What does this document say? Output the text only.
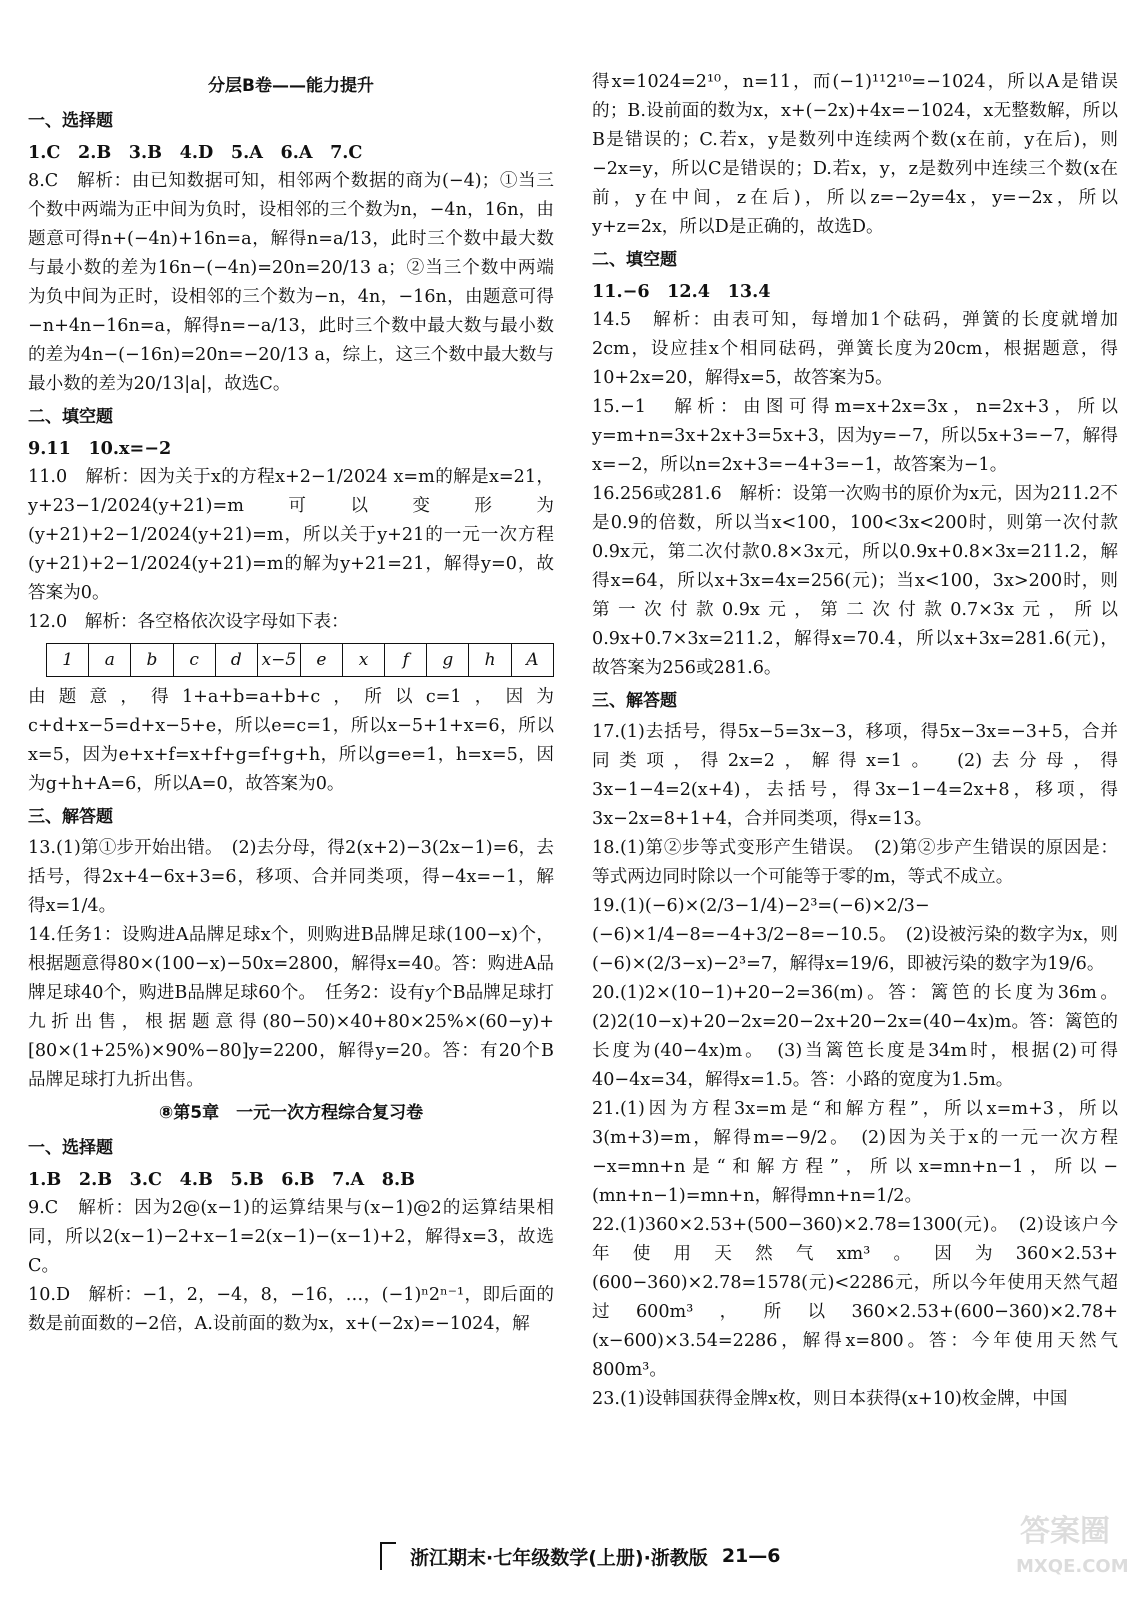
分层B卷——能力提升
一、选择题

1.C　2.B　3.B　4.D　5.A　6.A　7.C

8.C　解析：由已知数据可知，相邻两个数据的商为(−4)；①当三个数中两端为正中间为负时，设相邻的三个数为n，−4n，16n，由题意可得n+(−4n)+16n=a，解得n=a/13，此时三个数中最大数与最小数的差为16n−(−4n)=20n=20/13 a；②当三个数中两端为负中间为正时，设相邻的三个数为−n，4n，−16n，由题意可得−n+4n−16n=a，解得n=−a/13，此时三个数中最大数与最小数的差为4n−(−16n)=20n=−20/13 a，综上，这三个数中最大数与最小数的差为20/13|a|，故选C。

二、填空题

9.11　10.x=−2

11.0　解析：因为关于x的方程x+2−1/2024 x=m的解是x=21，y+23−1/2024(y+21)=m可以变形为(y+21)+2−1/2024(y+21)=m，所以关于y+21的一元一次方程(y+21)+2−1/2024(y+21)=m的解为y+21=21，解得y=0，故答案为0。

12.0　解析：各空格依次设字母如下表：

1	a	b	c	d	x−5	e	x	f	g	h	A

由题意，得1+a+b=a+b+c，所以c=1，因为c+d+x−5=d+x−5+e，所以e=c=1，所以x−5+1+x=6，所以x=5，因为e+x+f=x+f+g=f+g+h，所以g=e=1，h=x=5，因为g+h+A=6，所以A=0，故答案为0。

三、解答题

13.(1)第①步开始出错。　(2)去分母，得2(x+2)−3(2x−1)=6，去括号，得2x+4−6x+3=6，移项、合并同类项，得−4x=−1，解得x=1/4。

14.任务1：设购进A品牌足球x个，则购进B品牌足球(100−x)个，根据题意得80×(100−x)−50x=2800，解得x=40。答：购进A品牌足球40个，购进B品牌足球60个。　任务2：设有y个B品牌足球打九折出售，根据题意得(80−50)×40+80×25%×(60−y)+[80×(1+25%)×90%−80]y=2200，解得y=20。答：有20个B品牌足球打九折出售。

⑧第5章　一元一次方程综合复习卷
一、选择题

1.B　2.B　3.C　4.B　5.B　6.B　7.A　8.B

9.C　解析：因为2@(x−1)的运算结果与(x−1)@2的运算结果相同，所以2(x−1)−2+x−1=2(x−1)−(x−1)+2，解得x=3，故选C。

10.D　解析：−1，2，−4，8，−16，…，(−1)ⁿ2ⁿ⁻¹，即后面的数是前面数的−2倍，A.设前面的数为x，x+(−2x)=−1024，解

得x=1024=2¹⁰，n=11，而(−1)¹¹2¹⁰=−1024，所以A是错误的；B.设前面的数为x，x+(−2x)+4x=−1024，x无整数解，所以B是错误的；C.若x，y是数列中连续两个数(x在前，y在后)，则−2x=y，所以C是错误的；D.若x，y，z是数列中连续三个数(x在前，y在中间，z在后)，所以z=−2y=4x，y=−2x，所以y+z=2x，所以D是正确的，故选D。

二、填空题

11.−6　12.4　13.4

14.5　解析：由表可知，每增加1个砝码，弹簧的长度就增加2cm，设应挂x个相同砝码，弹簧长度为20cm，根据题意，得10+2x=20，解得x=5，故答案为5。

15.−1　解析：由图可得m=x+2x=3x，n=2x+3，所以y=m+n=3x+2x+3=5x+3，因为y=−7，所以5x+3=−7，解得x=−2，所以n=2x+3=−4+3=−1，故答案为−1。

16.256或281.6　解析：设第一次购书的原价为x元，因为211.2不是0.9的倍数，所以当x<100，100<3x<200时，则第一次付款0.9x元，第二次付款0.8×3x元，所以0.9x+0.8×3x=211.2，解得x=64，所以x+3x=4x=256(元)；当x<100，3x>200时，则第一次付款0.9x元，第二次付款0.7×3x元，所以0.9x+0.7×3x=211.2，解得x=70.4，所以x+3x=281.6(元)，故答案为256或281.6。

三、解答题

17.(1)去括号，得5x−5=3x−3，移项，得5x−3x=−3+5，合并同类项，得2x=2，解得x=1。　(2)去分母，得3x−1−4=2(x+4)，去括号，得3x−1−4=2x+8，移项，得3x−2x=8+1+4，合并同类项，得x=13。

18.(1)第②步等式变形产生错误。　(2)第②步产生错误的原因是：等式两边同时除以一个可能等于零的m，等式不成立。

19.(1)(−6)×(2/3−1/4)−2³=(−6)×2/3−(−6)×1/4−8=−4+3/2−8=−10.5。　(2)设被污染的数字为x，则(−6)×(2/3−x)−2³=7，解得x=19/6，即被污染的数字为19/6。

20.(1)2×(10−1)+20−2=36(m)。答：篱笆的长度为36m。(2)2(10−x)+20−2x=20−2x+20−2x=(40−4x)m。答：篱笆的长度为(40−4x)m。　(3)当篱笆长度是34m时，根据(2)可得40−4x=34，解得x=1.5。答：小路的宽度为1.5m。

21.(1)因为方程3x=m是“和解方程”，所以x=m+3，所以3(m+3)=m，解得m=−9/2。　(2)因为关于x的一元一次方程−x=mn+n是“和解方程”，所以x=mn+n−1，所以−(mn+n−1)=mn+n，解得mn+n=1/2。

22.(1)360×2.53+(500−360)×2.78=1300(元)。　(2)设该户今年使用天然气xm³。因为360×2.53+(600−360)×2.78=1578(元)<2286元，所以今年使用天然气超过600m³，所以360×2.53+(600−360)×2.78+(x−600)×3.54=2286，解得x=800。答：今年使用天然气800m³。

23.(1)设韩国获得金牌x枚，则日本获得(x+10)枚金牌，中国

浙江期末·七年级数学(上册)·浙教版 21—6
答案圈
MXQE.COM
